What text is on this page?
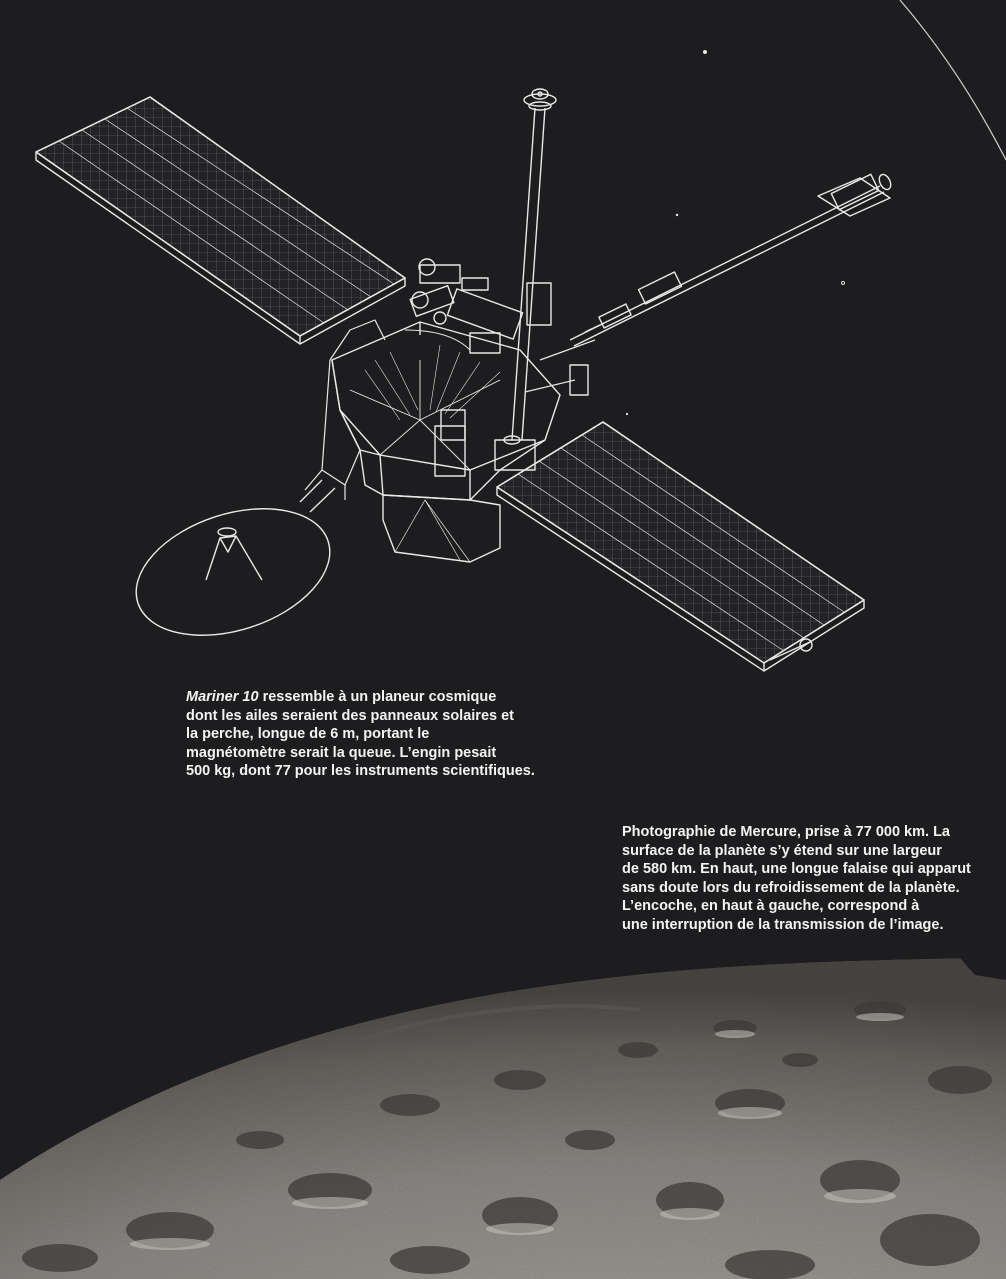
Mariner 10 ressemble à un planeur cosmique
dont les ailes seraient des panneaux solaires et
la perche, longue de 6 m, portant le
magnétomètre serait la queue. L’engin pesait
500 kg, dont 77 pour les instruments scientifiques.

Photographie de Mercure, prise à 77 000 km. La
surface de la planète s’y étend sur une largeur
de 580 km. En haut, une longue falaise qui apparut
sans doute lors du refroidissement de la planète.
L’encoche, en haut à gauche, correspond à
une interruption de la transmission de l’image.
